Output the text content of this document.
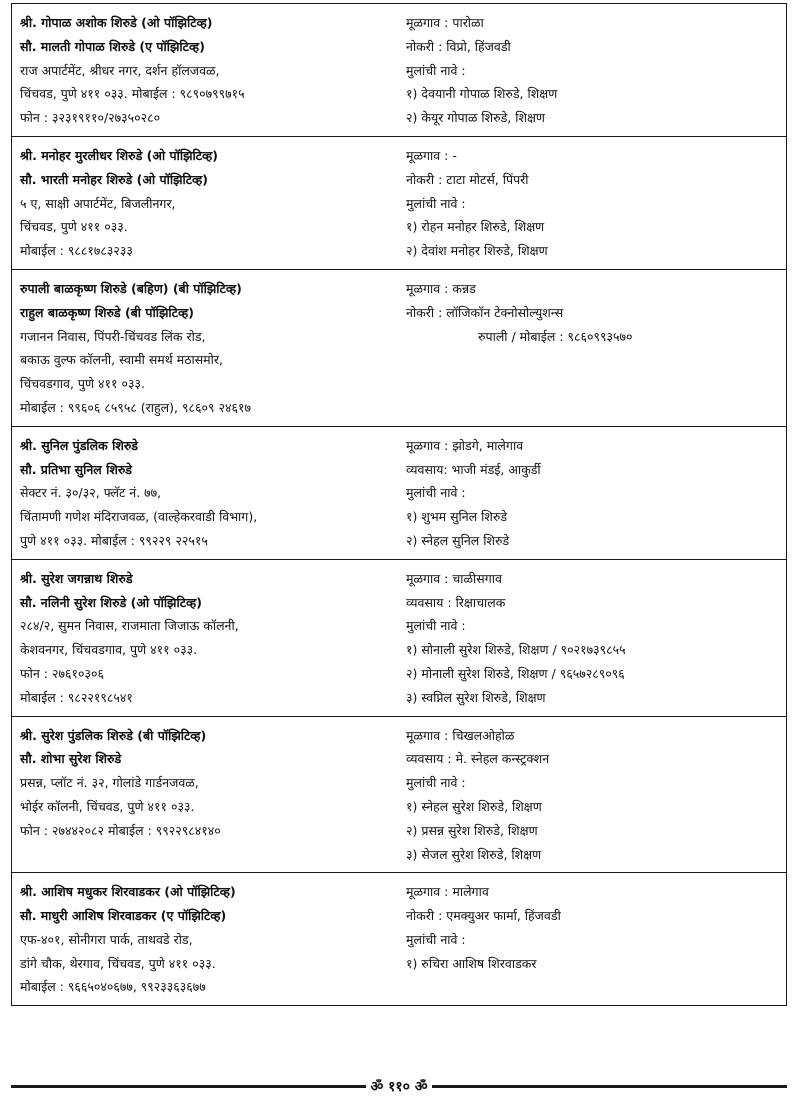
श्री. गोपाळ अशोक शिरुडे (ओ पॉझिटिव्ह)
सौ. मालती गोपाळ शिरुडे (ए पॉझिटिव्ह)
राज अपार्टमेंट, श्रीधर नगर, दर्शन हॉलजवळ,
चिंचवड, पुणे ४११ ०३३. मोबाईल : ९८९०७९९७१५
फोन : ३२३१९११०/२७३५०२८०
मूळगाव : पारोळा
नोकरी : विप्रो, हिंजवडी
मुलांची नावे :
१) देवयानी गोपाळ शिरुडे, शिक्षण
२) केयूर गोपाळ शिरुडे, शिक्षण
श्री. मनोहर मुरलीधर शिरुडे (ओ पॉझिटिव्ह)
सौ. भारती मनोहर शिरुडे (ओ पॉझिटिव्ह)
५ ए, साक्षी अपार्टमेंट, बिजलीनगर,
चिंचवड, पुणे ४११ ०३३.
मोबाईल : ९८८१७८३२३३
मूळगाव : -
नोकरी : टाटा मोटर्स, पिंपरी
मुलांची नावे :
१) रोहन मनोहर शिरुडे, शिक्षण
२) देवांश मनोहर शिरुडे, शिक्षण
रुपाली बाळकृष्ण शिरुडे (बहिण) (बी पॉझिटिव्ह)
राहुल बाळकृष्ण शिरुडे (बी पॉझिटिव्ह)
गजानन निवास, पिंपरी-चिंचवड लिंक रोड,
बकाऊ वुल्फ कॉलनी, स्वामी समर्थ मठासमोर,
चिंचवडगाव, पुणे ४११ ०३३.
मोबाईल : ९९६०६ ८५९५८ (राहुल), ९८६०९ २४६१७
मूळगाव : कन्नड
नोकरी : लॉजिकॉन टेक्नोसोल्युशन्स
रुपाली / मोबाईल : ९८६०९९३५७०
श्री. सुनिल पुंडलिक शिरुडे
सौ. प्रतिभा सुनिल शिरुडे
सेक्टर नं. ३०/३२, फ्लॅट नं. ७७,
चिंतामणी गणेश मंदिराजवळ, (वाल्हेकरवाडी विभाग),
पुणे ४११ ०३३. मोबाईल : ९९२२९ २२५१५
मूळगाव : झोडगे, मालेगाव
व्यवसाय: भाजी मंडई, आकुर्डी
मुलांची नावे :
१) शुभम सुनिल शिरुडे
२) स्नेहल सुनिल शिरुडे
श्री. सुरेश जगन्नाथ शिरुडे
सौ. नलिनी सुरेश शिरुडे (ओ पॉझिटिव्ह)
२८४/२, सुमन निवास, राजमाता जिजाऊ कॉलनी,
केशवनगर, चिंचवडगाव, पुणे ४११ ०३३.
फोन : २७६१०३०६
मोबाईल : ९८२२१९८५४१
मूळगाव : चाळीसगाव
व्यवसाय : रिक्षाचालक
मुलांची नावे :
१) सोनाली सुरेश शिरुडे, शिक्षण / ९०२१७३९८५५
२) मोनाली सुरेश शिरुडे, शिक्षण / ९६५७२८९०९६
३) स्वप्निल सुरेश शिरुडे, शिक्षण
श्री. सुरेश पुंडलिक शिरुडे (बी पॉझिटिव्ह)
सौ. शोभा सुरेश शिरुडे
प्रसन्न, प्लॉट नं. ३२, गोलांडे गार्डनजवळ,
भोईर कॉलनी, चिंचवड, पुणे ४११ ०३३.
फोन : २७४४२०८२ मोबाईल : ९९२२९८४१४०
मूळगाव : चिखलओहोळ
व्यवसाय : मे. स्नेहल कन्स्ट्रक्शन
मुलांची नावे :
१) स्नेहल सुरेश शिरुडे, शिक्षण
२) प्रसन्न सुरेश शिरुडे, शिक्षण
३) सेजल सुरेश शिरुडे, शिक्षण
श्री. आशिष मधुकर शिरवाडकर (ओ पॉझिटिव्ह)
सौ. माधुरी आशिष शिरवाडकर (ए पॉझिटिव्ह)
एफ-४०१, सोनीगरा पार्क, ताथवडे रोड,
डांगे चौक, थेरगाव, चिंचवड, पुणे ४११ ०३३.
मोबाईल : ९६६५०४०६७७, ९९२३३६३६७७
मूळगाव : मालेगाव
नोकरी : एमक्युअर फार्मा, हिंजवडी
मुलांची नावे :
१) रुचिरा आशिष शिरवाडकर
ॐ ११० ॐ
